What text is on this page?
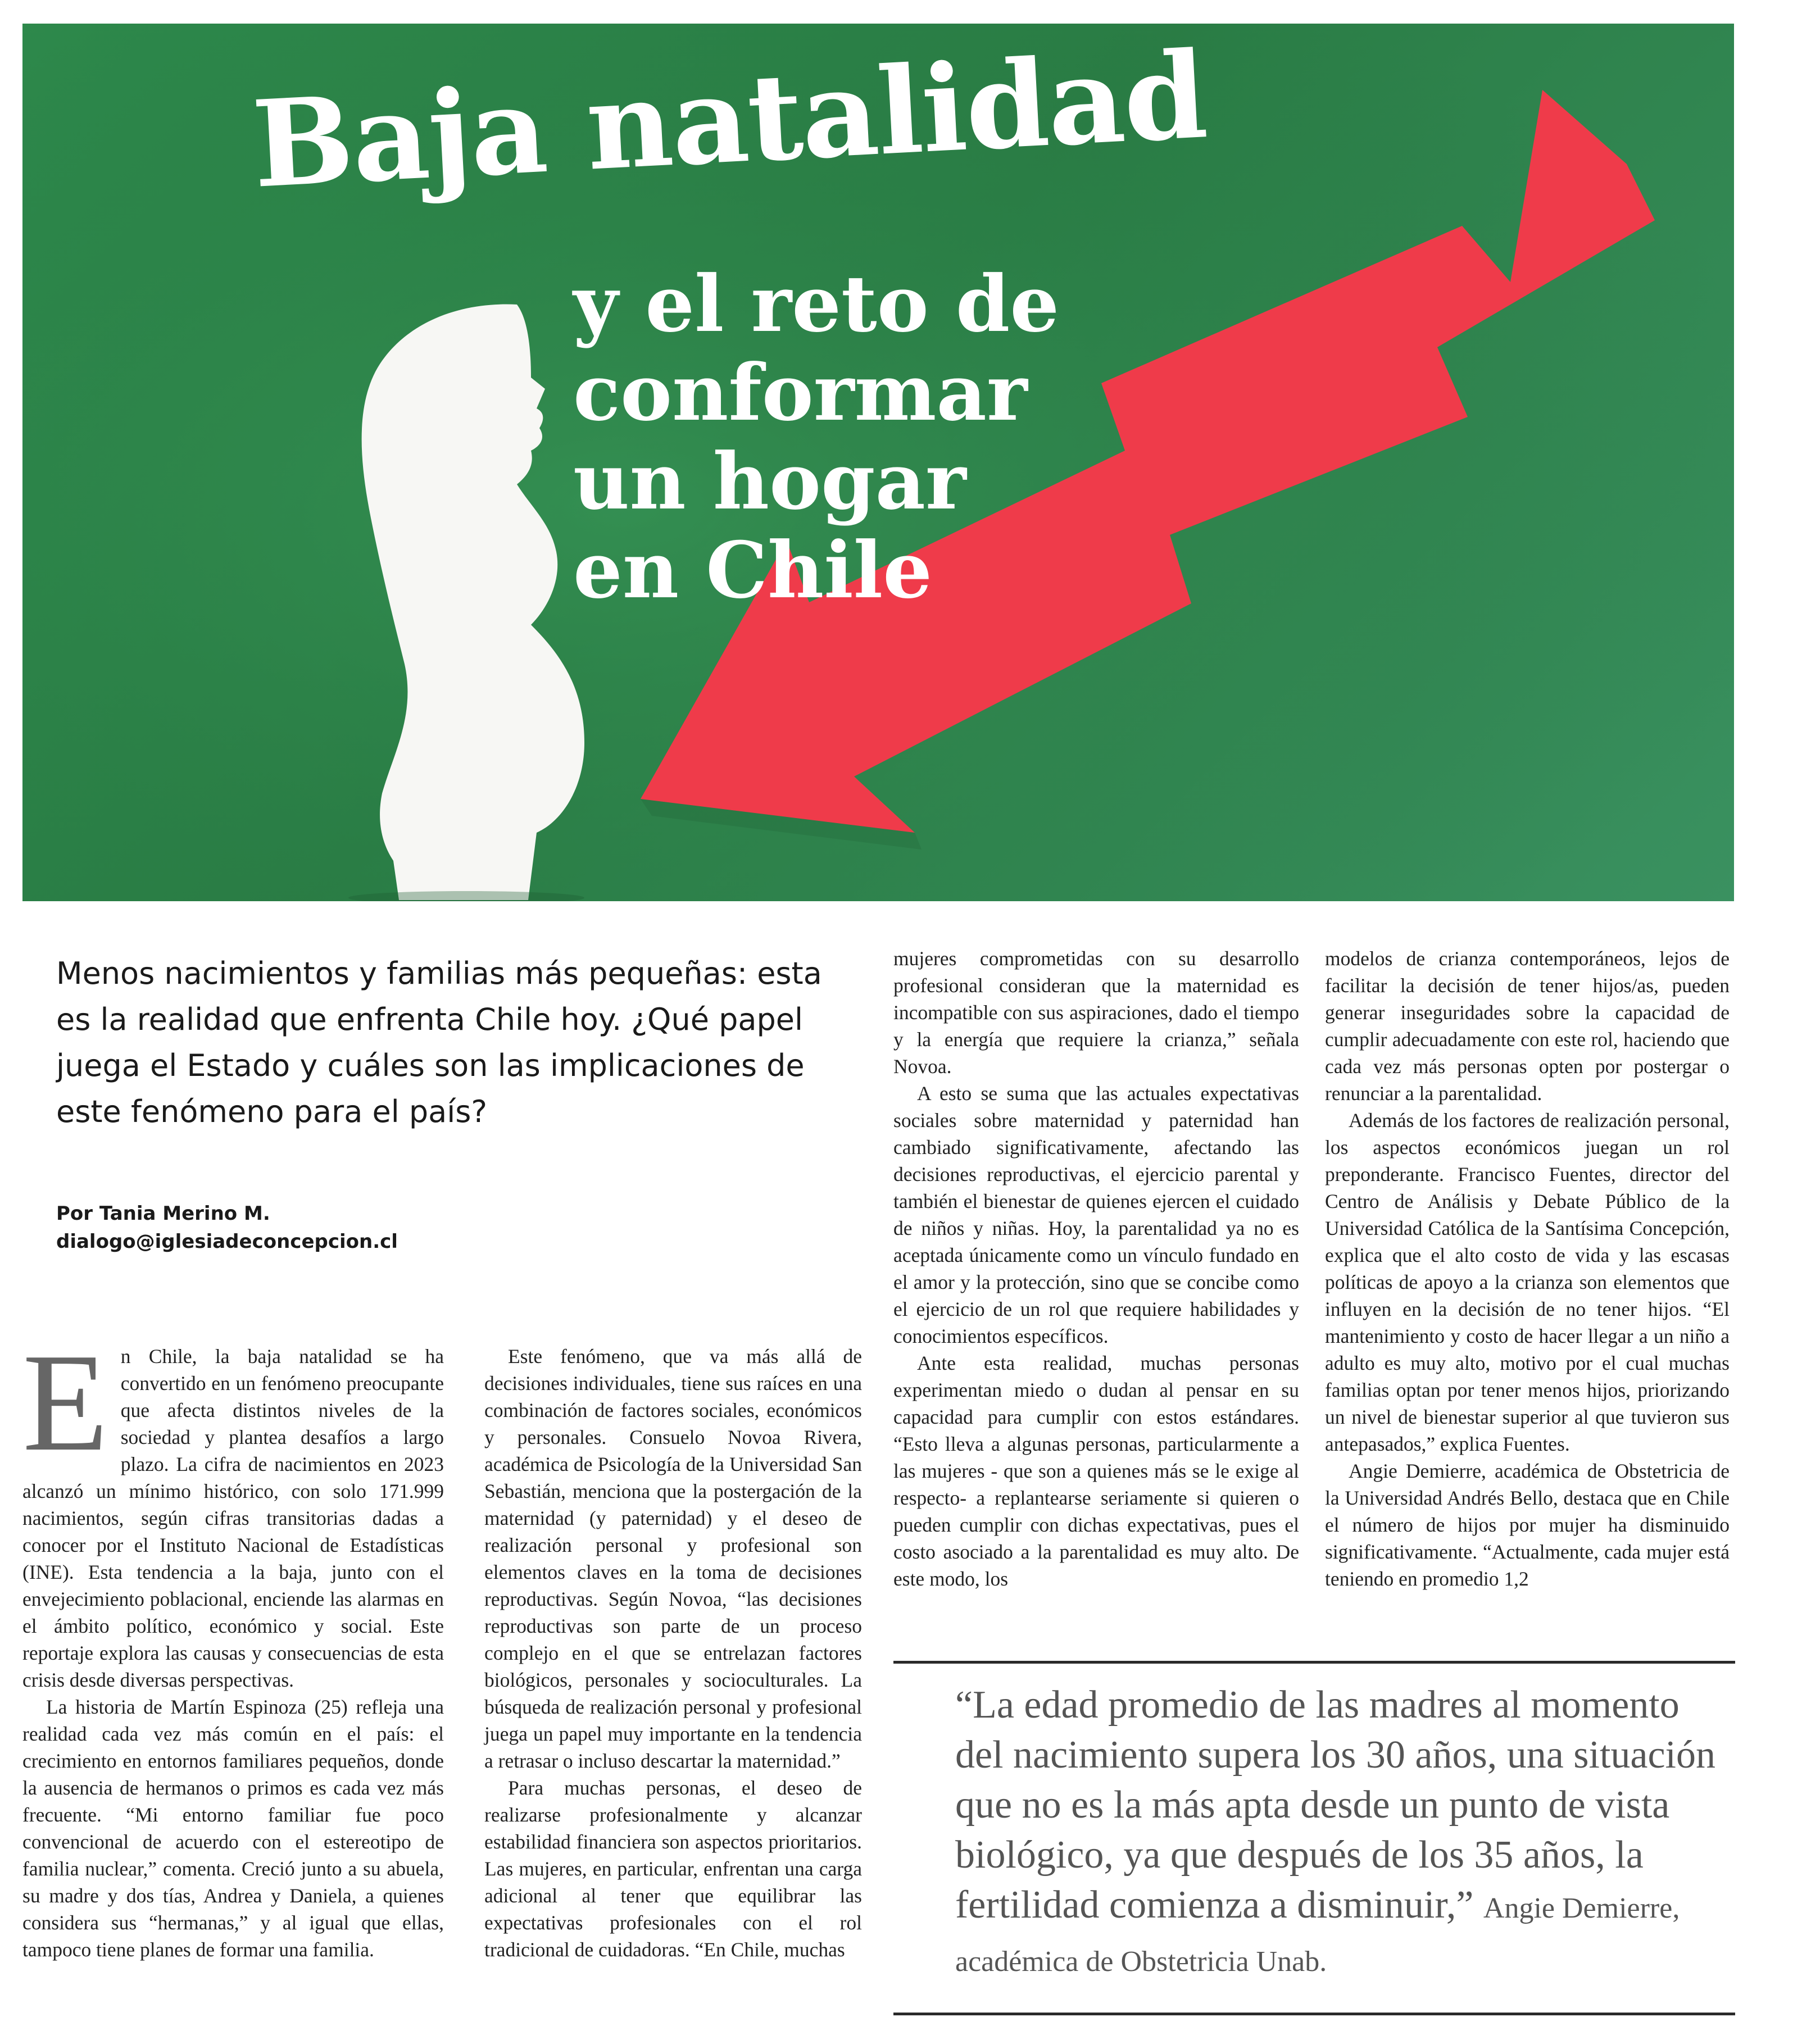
Baja natalidad
y el reto de
conformar
un hogar
en Chile
Menos nacimientos y familias más pequeñas: esta es la realidad que enfrenta Chile hoy. ¿Qué papel juega el Estado y cuáles son las implicaciones de este fenómeno para el país?
Por Tania Merino M.
dialogo@iglesiadeconcepcion.cl

En Chile, la baja natalidad se ha convertido en un fenómeno preocupante que afecta distintos niveles de la sociedad y plantea desafíos a largo plazo. La cifra de nacimientos en 2023 alcanzó un mínimo histórico, con solo 171.999 nacimientos, según cifras transitorias dadas a conocer por el Instituto Nacional de Estadísticas (INE). Esta tendencia a la baja, junto con el envejecimiento poblacional, enciende las alarmas en el ámbito político, económico y social. Este reportaje explora las causas y consecuencias de esta crisis desde diversas perspectivas.

La historia de Martín Espinoza (25) refleja una realidad cada vez más común en el país: el crecimiento en entornos familiares pequeños, donde la ausencia de hermanos o primos es cada vez más frecuente. “Mi entorno familiar fue poco convencional de acuerdo con el estereotipo de familia nuclear,” comenta. Creció junto a su abuela, su madre y dos tías, Andrea y Daniela, a quienes considera sus “hermanas,” y al igual que ellas, tampoco tiene planes de formar una familia.

Este fenómeno, que va más allá de decisiones individuales, tiene sus raíces en una combinación de factores sociales, económicos y personales. Consuelo Novoa Rivera, académica de Psicología de la Universidad San Sebastián, menciona que la postergación de la maternidad (y paternidad) y el deseo de realización personal y profesional son elementos claves en la toma de decisiones reproductivas. Según Novoa, “las decisiones reproductivas son parte de un proceso complejo en el que se entrelazan factores biológicos, personales y socioculturales. La búsqueda de realización personal y profesional juega un papel muy importante en la tendencia a retrasar o incluso descartar la maternidad.”

Para muchas personas, el deseo de realizarse profesionalmente y alcanzar estabilidad financiera son aspectos prioritarios. Las mujeres, en particular, enfrentan una carga adicional al tener que equilibrar las expectativas profesionales con el rol tradicional de cuidadoras. “En Chile, muchas

mujeres comprometidas con su desarrollo profesional consideran que la maternidad es incompatible con sus aspiraciones, dado el tiempo y la energía que requiere la crianza,” señala Novoa.

A esto se suma que las actuales expectativas sociales sobre maternidad y paternidad han cambiado significativamente, afectando las decisiones reproductivas, el ejercicio parental y también el bienestar de quienes ejercen el cuidado de niños y niñas. Hoy, la parentalidad ya no es aceptada únicamente como un vínculo fundado en el amor y la protección, sino que se concibe como el ejercicio de un rol que requiere habilidades y conocimientos específicos.

Ante esta realidad, muchas personas experimentan miedo o dudan al pensar en su capacidad para cumplir con estos estándares. “Esto lleva a algunas personas, particularmente a las mujeres - que son a quienes más se le exige al respecto- a replantearse seriamente si quieren o pueden cumplir con dichas expectativas, pues el costo asociado a la parentalidad es muy alto. De este modo, los

modelos de crianza contemporáneos, lejos de facilitar la decisión de tener hijos/as, pueden generar inseguridades sobre la capacidad de cumplir adecuadamente con este rol, haciendo que cada vez más personas opten por postergar o renunciar a la parentalidad.

Además de los factores de realización personal, los aspectos económicos juegan un rol preponderante. Francisco Fuentes, director del Centro de Análisis y Debate Público de la Universidad Católica de la Santísima Concepción, explica que el alto costo de vida y las escasas políticas de apoyo a la crianza son elementos que influyen en la decisión de no tener hijos. “El mantenimiento y costo de hacer llegar a un niño a adulto es muy alto, motivo por el cual muchas familias optan por tener menos hijos, priorizando un nivel de bienestar superior al que tuvieron sus antepasados,” explica Fuentes.

Angie Demierre, académica de Obstetricia de la Universidad Andrés Bello, destaca que en Chile el número de hijos por mujer ha disminuido significativamente. “Actualmente, cada mujer está teniendo en promedio 1,2

“La edad promedio de las madres al momento del nacimiento supera los 30 años, una situación que no es la más apta desde un punto de vista biológico, ya que después de los 35 años, la fertilidad comienza a disminuir,” Angie Demierre, académica de Obstetricia Unab.
